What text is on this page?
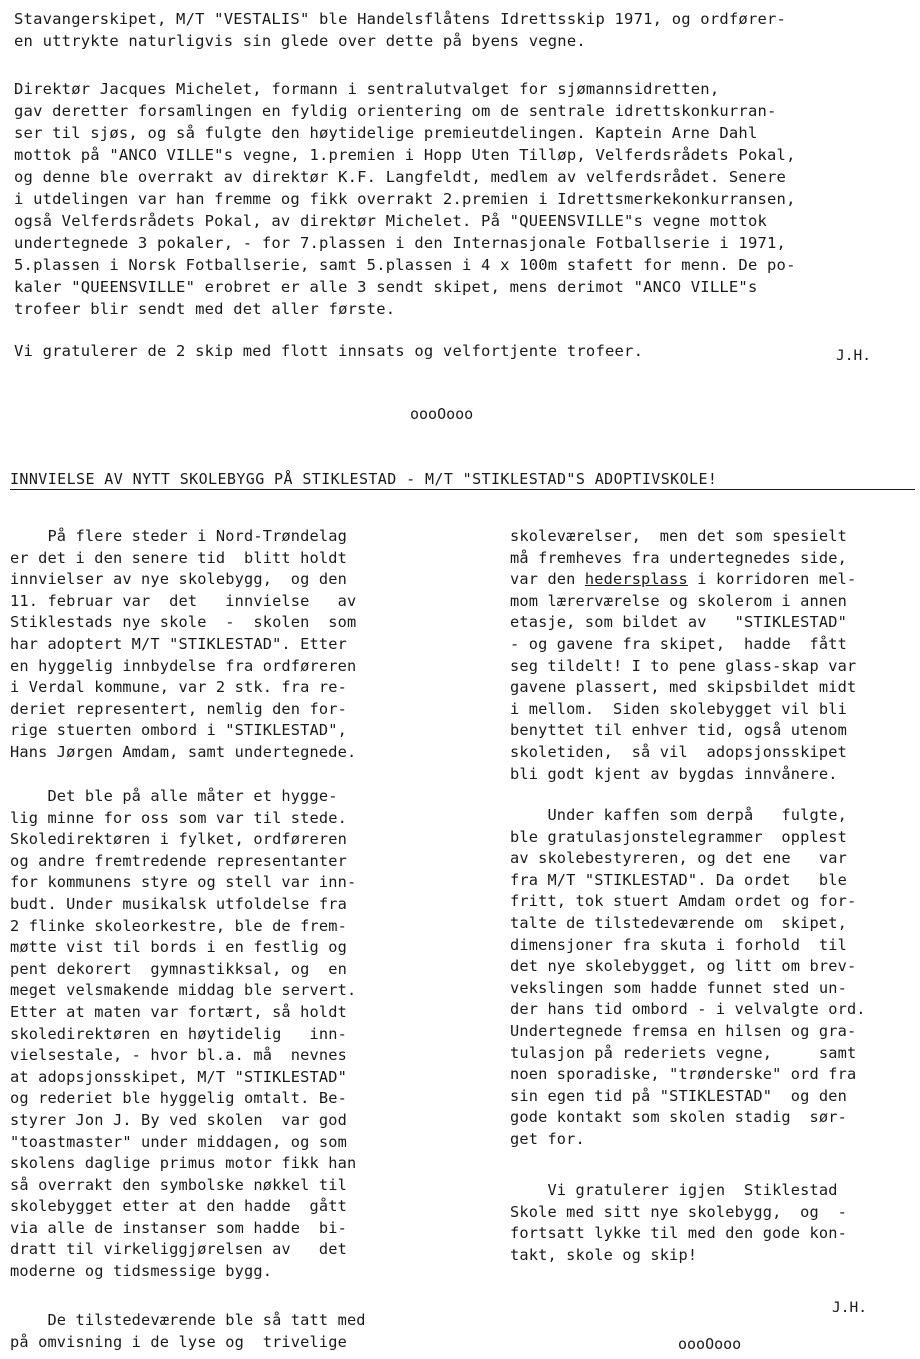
Stavangerskipet, M/T "VESTALIS" ble Handelsflåtens Idrettsskip 1971, og ordfører-
en uttrykte naturligvis sin glede over dette på byens vegne.
Direktør Jacques Michelet, formann i sentralutvalget for sjømannsidretten,
gav deretter forsamlingen en fyldig orientering om de sentrale idrettskonkurran-
ser til sjøs, og så fulgte den høytidelige premieutdelingen. Kaptein Arne Dahl
mottok på "ANCO VILLE"s vegne, 1.premien i Hopp Uten Tilløp, Velferdsrådets Pokal,
og denne ble overrakt av direktør K.F. Langfeldt, medlem av velferdsrådet. Senere
i utdelingen var han fremme og fikk overrakt 2.premien i Idrettsmerkekonkurransen,
også Velferdsrådets Pokal, av direktør Michelet. På "QUEENSVILLE"s vegne mottok
undertegnede 3 pokaler, - for 7.plassen i den Internasjonale Fotballserie i 1971,
5.plassen i Norsk Fotballserie, samt 5.plassen i 4 x 100m stafett for menn. De po-
kaler "QUEENSVILLE" erobret er alle 3 sendt skipet, mens derimot "ANCO VILLE"s
trofeer blir sendt med det aller første.
Vi gratulerer de 2 skip med flott innsats og velfortjente trofeer.	J.H.
oooOooo
INNVIELSE AV NYTT SKOLEBYGG PÅ STIKLESTAD - M/T "STIKLESTAD"S ADOPTIVSKOLE!

På flere steder i Nord-Trøndelag

er det i den senere tid  blitt holdt

innvielser av nye skolebygg,  og den

11. februar var  det   innvielse   av

Stiklestads nye skole  -  skolen  som

har adoptert M/T "STIKLESTAD". Etter

en hyggelig innbydelse fra ordføreren

i Verdal kommune, var 2 stk. fra re-

deriet representert, nemlig den for-

rige stuerten ombord i "STIKLESTAD",

Hans Jørgen Amdam, samt undertegnede.

Det ble på alle måter et hygge-

lig minne for oss som var til stede.

Skoledirektøren i fylket, ordføreren

og andre fremtredende representanter

for kommunens styre og stell var inn-

budt. Under musikalsk utfoldelse fra

2 flinke skoleorkestre, ble de frem-

møtte vist til bords i en festlig og

pent dekorert  gymnastikksal, og  en

meget velsmakende middag ble servert.

Etter at maten var fortært, så holdt

skoledirektøren en høytidelig   inn-

vielsestale, - hvor bl.a. må  nevnes

at adopsjonsskipet, M/T "STIKLESTAD"

og rederiet ble hyggelig omtalt. Be-

styrer Jon J. By ved skolen  var god

"toastmaster" under middagen, og som

skolens daglige primus motor fikk han

så overrakt den symbolske nøkkel til

skolebygget etter at den hadde  gått

via alle de instanser som hadde  bi-

dratt til virkeliggjørelsen av   det

moderne og tidsmessige bygg.

De tilstedeværende ble så tatt med

på omvisning i de lyse og  trivelige

skoleværelser,  men det som spesielt

må fremheves fra undertegnedes side,

var den hedersplass i korridoren mel-

mom lærerværelse og skolerom i annen

etasje, som bildet av   "STIKLESTAD"

- og gavene fra skipet,  hadde  fått

seg tildelt! I to pene glass-skap var

gavene plassert, med skipsbildet midt

i mellom.  Siden skolebygget vil bli

benyttet til enhver tid, også utenom

skoletiden,  så vil  adopsjonsskipet

bli godt kjent av bygdas innvånere.

Under kaffen som derpå   fulgte,

ble gratulasjonstelegrammer  opplest

av skolebestyreren, og det ene   var

fra M/T "STIKLESTAD". Da ordet   ble

fritt, tok stuert Amdam ordet og for-

talte de tilstedeværende om  skipet,

dimensjoner fra skuta i forhold  til

det nye skolebygget, og litt om brev-

vekslingen som hadde funnet sted un-

der hans tid ombord - i velvalgte ord.

Undertegnede fremsa en hilsen og gra-

tulasjon på rederiets vegne,     samt

noen sporadiske, "trønderske" ord fra

sin egen tid på "STIKLESTAD"  og den

gode kontakt som skolen stadig  sør-

get for.

Vi gratulerer igjen  Stiklestad

Skole med sitt nye skolebygg,  og  -

fortsatt lykke til med den gode kon-

takt, skole og skip!

J.H.
oooOooo
